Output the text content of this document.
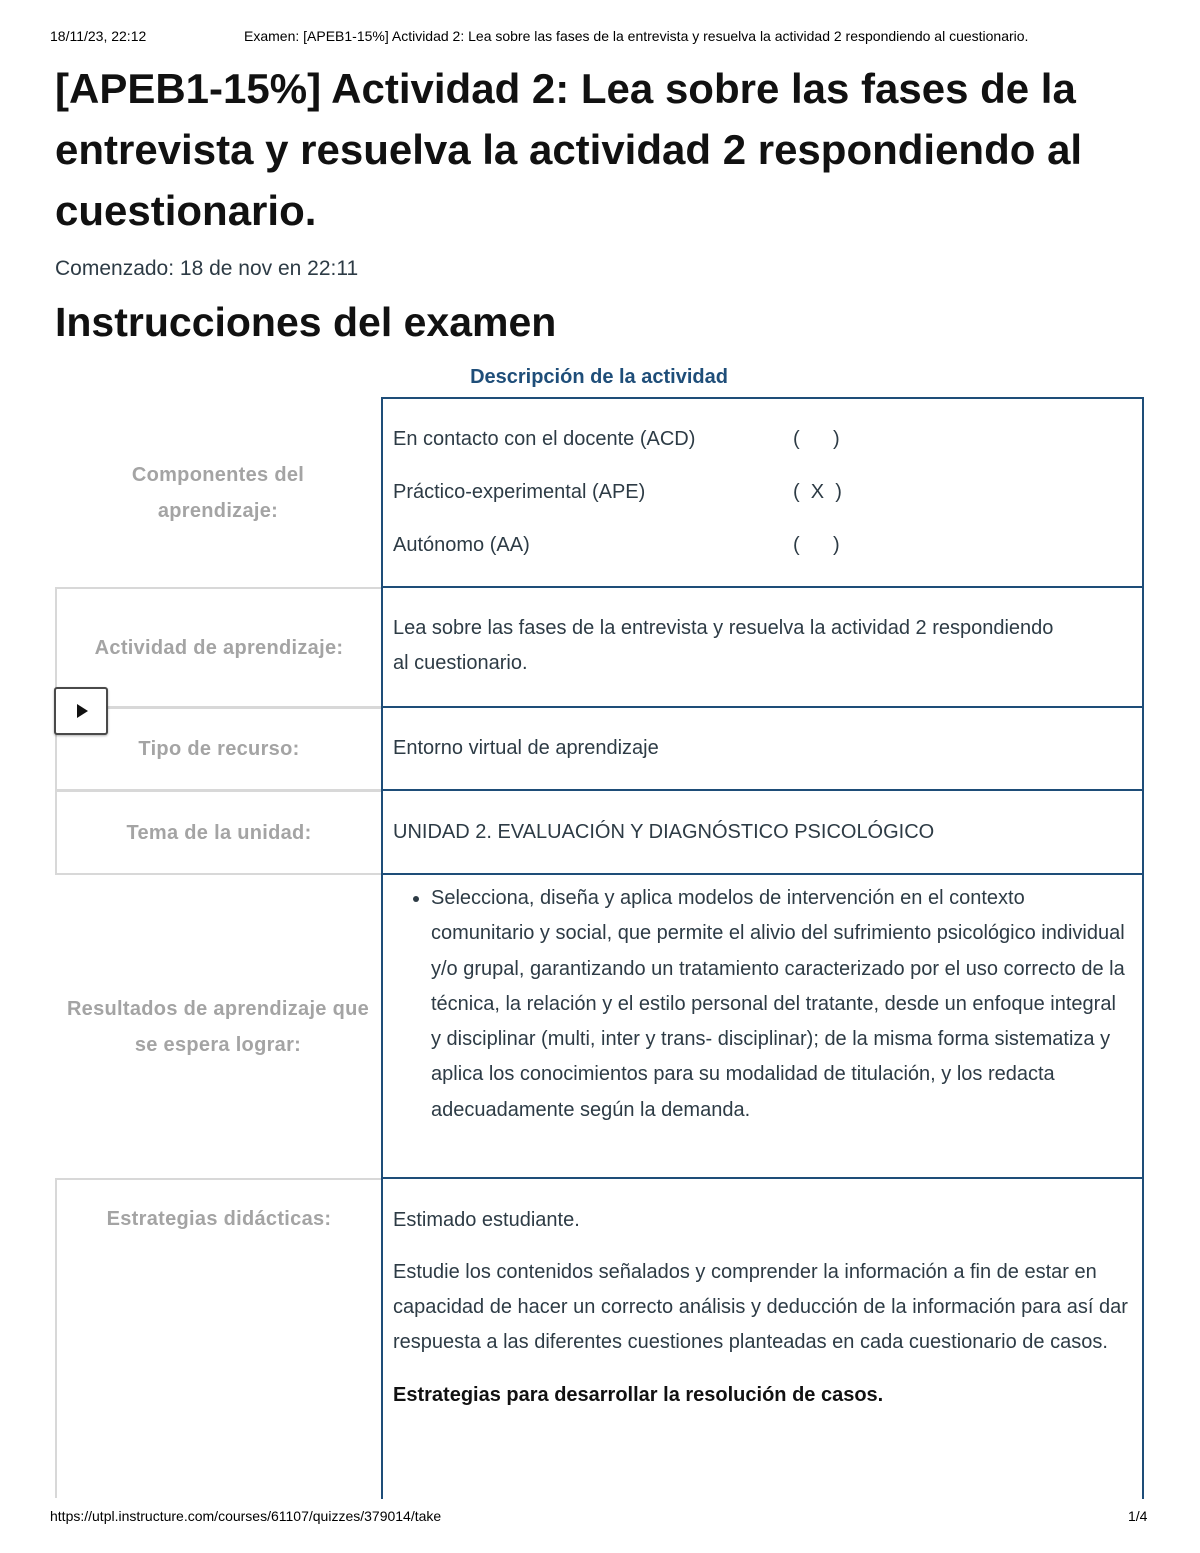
18/11/23, 22:12	Examen: [APEB1-15%] Actividad 2: Lea sobre las fases de la entrevista y resuelva la actividad 2 respondiendo al cuestionario.
[APEB1-15%] Actividad 2: Lea sobre las fases de la entrevista y resuelva la actividad 2 respondiendo al cuestionario.
Comenzado: 18 de nov en 22:11
Instrucciones del examen
Descripción de la actividad
Componentes del aprendizaje:
En contacto con el docente (ACD)	(      )
Práctico-experimental (APE)	(  X  )
Autónomo (AA)	(      )
Actividad de aprendizaje:
Lea sobre las fases de la entrevista y resuelva la actividad 2 respondiendo al cuestionario.
Tipo de recurso:	Entorno virtual de aprendizaje
Tema de la unidad:	UNIDAD 2. EVALUACIÓN Y DIAGNÓSTICO PSICOLÓGICO
Resultados de aprendizaje que se espera lograr:
• Selecciona, diseña y aplica modelos de intervención en el contexto comunitario y social, que permite el alivio del sufrimiento psicológico individual y/o grupal, garantizando un tratamiento caracterizado por el uso correcto de la técnica, la relación y el estilo personal del tratante, desde un enfoque integral y disciplinar (multi, inter y trans- disciplinar); de la misma forma sistematiza y aplica los conocimientos para su modalidad de titulación, y los redacta adecuadamente según la demanda.
Estrategias didácticas:	Estimado estudiante.

Estudie los contenidos señalados y comprender la información a fin de estar en capacidad de hacer un correcto análisis y deducción de la información para así dar respuesta a las diferentes cuestiones planteadas en cada cuestionario de casos.

Estrategias para desarrollar la resolución de casos.

https://utpl.instructure.com/courses/61107/quizzes/379014/take	1/4
